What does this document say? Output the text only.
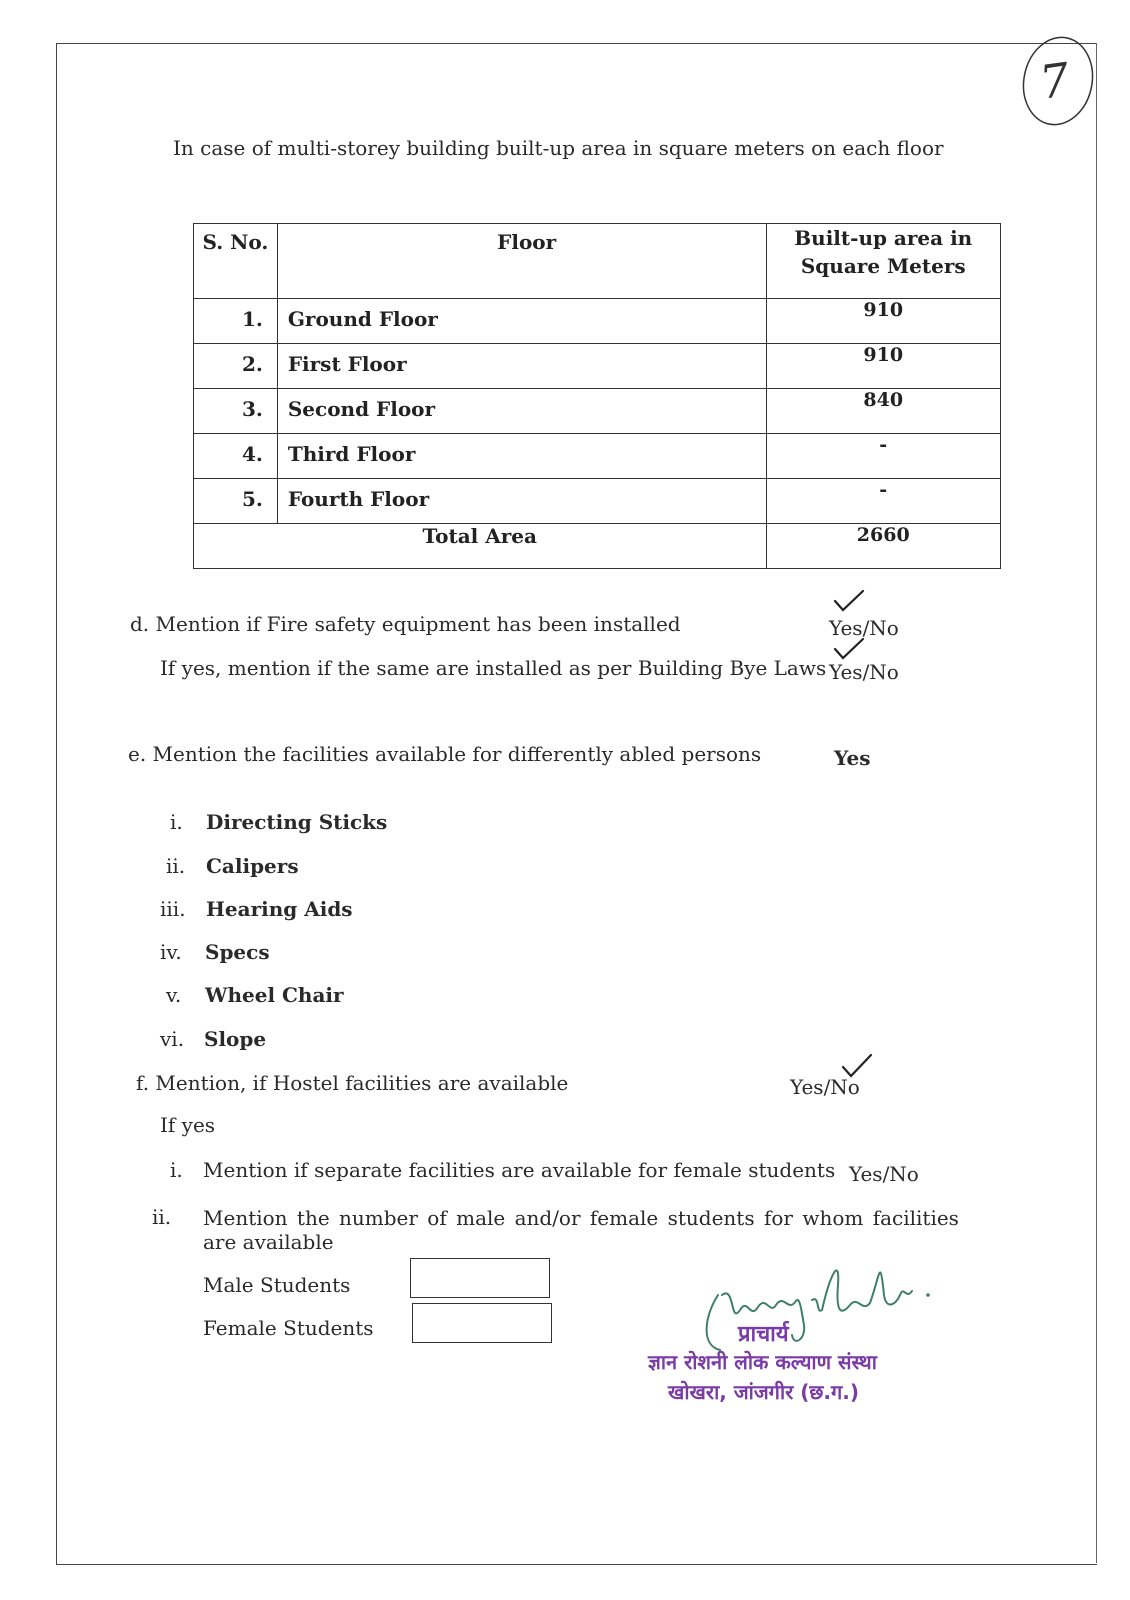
7
In case of multi-storey building built-up area in square meters on each floor
S. No.	Floor	Built-up area in
Square Meters
1.	Ground Floor	910
2.	First Floor	910
3.	Second Floor	840
4.	Third Floor	-
5.	Fourth Floor	-
Total Area		2660
d. Mention if Fire safety equipment has been installed	Yes/No
If yes, mention if the same are installed as per Building Bye Laws Yes/No
e. Mention the facilities available for differently abled persons	Yes
i. Directing Sticks
ii. Calipers
iii. Hearing Aids
iv. Specs
v. Wheel Chair
vi. Slope
f. Mention, if Hostel facilities are available	Yes/No
If yes
i. Mention if separate facilities are available for female students Yes/No
ii. Mention the number of male and/or female students for whom facilities
are available
Male Students
Female Students	प्राचार्य
ज्ञान रोशनी लोक कल्याण संस्था
खोखरा, जांजगीर (छ.ग.)
